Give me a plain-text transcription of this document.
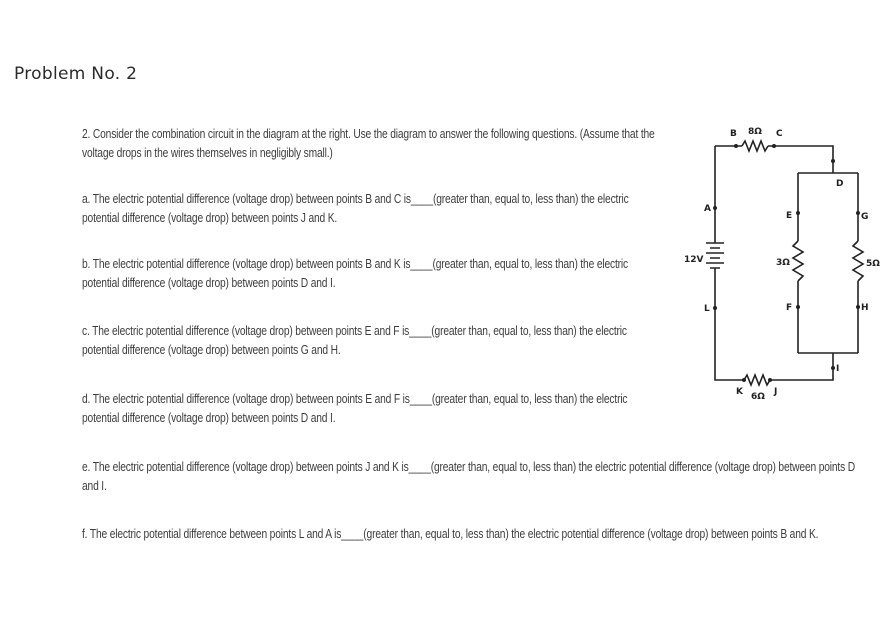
Problem No. 2
2. Consider the combination circuit in the diagram at the right. Use the diagram to answer the following questions. (Assume that the voltage drops in the wires themselves in negligibly small.)
a. The electric potential difference (voltage drop) between points B and C is____(greater than, equal to, less than) the electric potential difference (voltage drop) between points J and K.
b. The electric potential difference (voltage drop) between points B and K is____(greater than, equal to, less than) the electric potential difference (voltage drop) between points D and I.
c. The electric potential difference (voltage drop) between points E and F is____(greater than, equal to, less than) the electric potential difference (voltage drop) between points G and H.
d. The electric potential difference (voltage drop) between points E and F is____(greater than, equal to, less than) the electric potential difference (voltage drop) between points D and I.
e. The electric potential difference (voltage drop) between points J and K is____(greater than, equal to, less than) the electric potential difference (voltage drop) between points D and I.
f. The electric potential difference between points L and A is____(greater than, equal to, less than) the electric potential difference (voltage drop) between points B and K.
B 8Ω C
D
A
E	G
12V	3Ω	5Ω
L	F	H
I
K 6Ω J
